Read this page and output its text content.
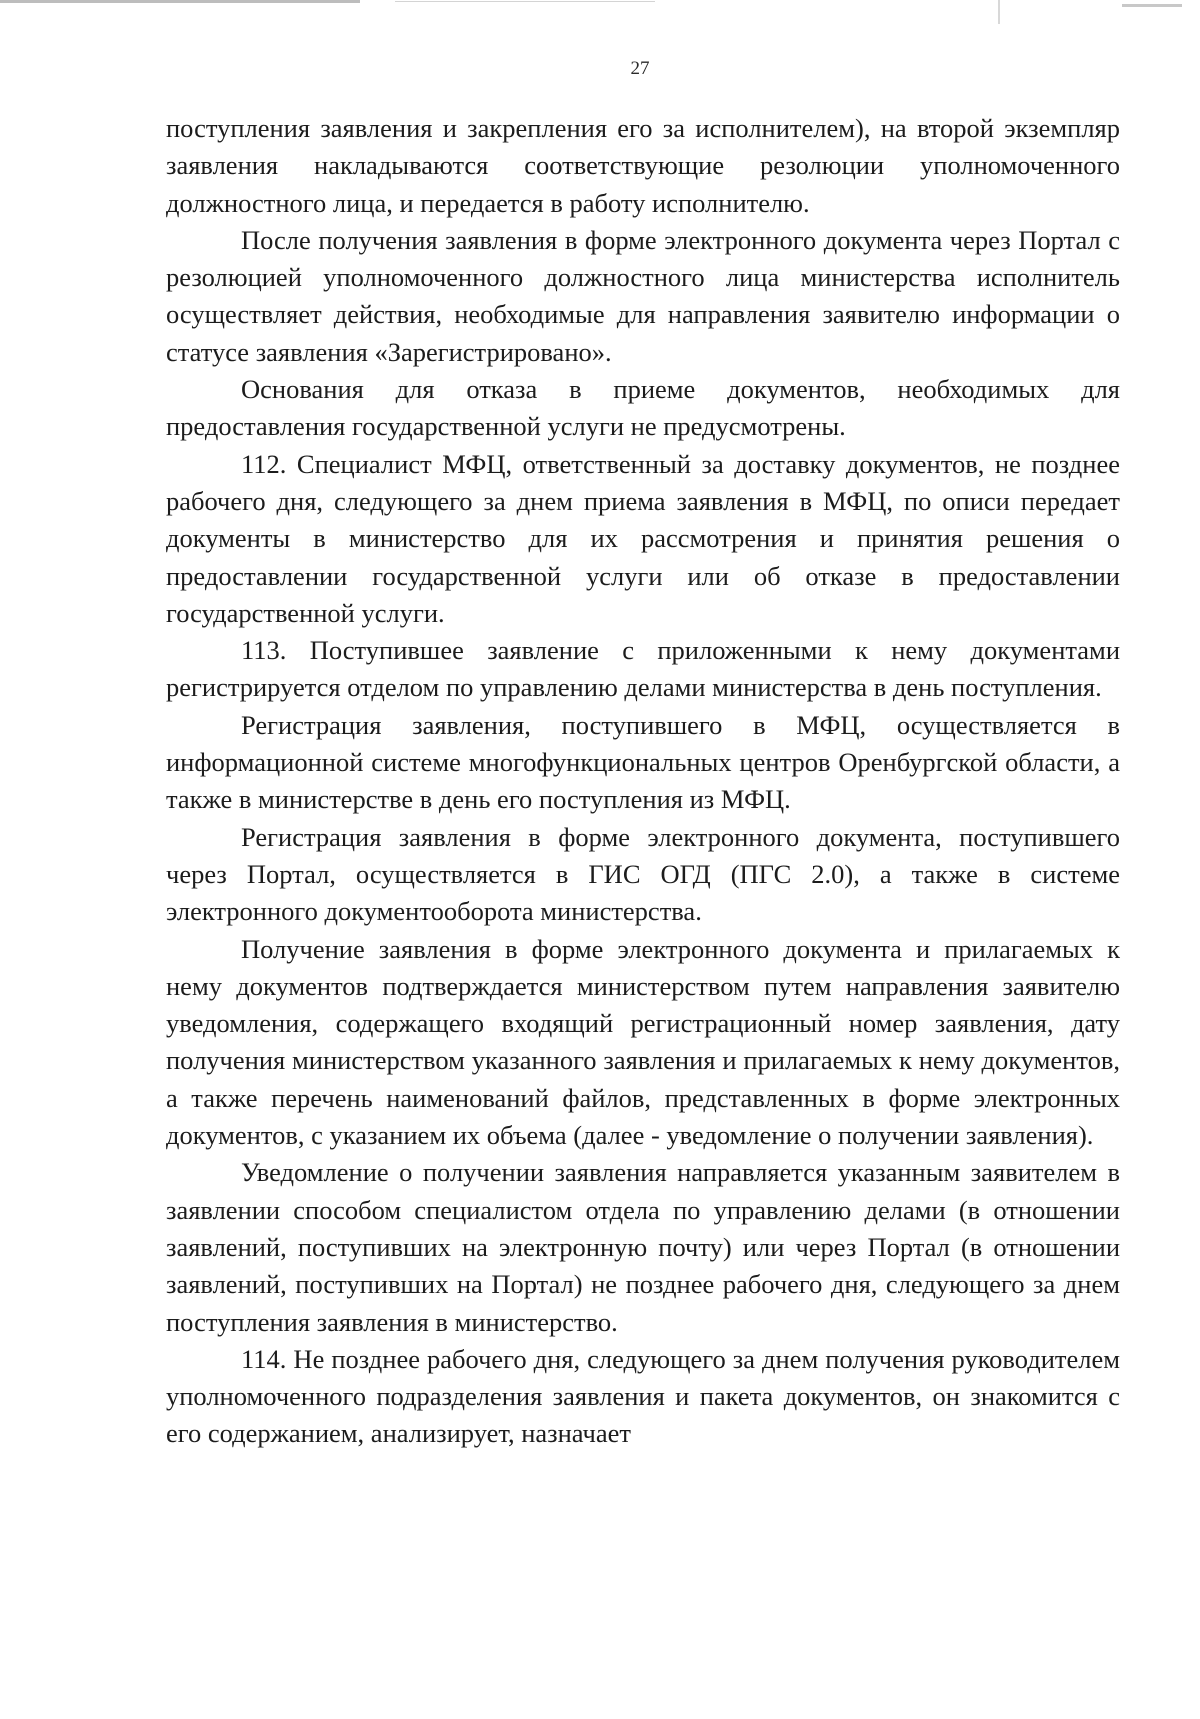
27

поступления заявления и закрепления его за исполнителем), на второй экземпляр заявления накладываются соответствующие резолюции уполномоченного должностного лица, и передается в работу исполнителю.

После получения заявления в форме электронного документа через Портал с резолюцией уполномоченного должностного лица министерства исполнитель осуществляет действия, необходимые для направления заявителю информации о статусе заявления «Зарегистрировано».

Основания для отказа в приеме документов, необходимых для предоставления государственной услуги не предусмотрены.

112. Специалист МФЦ, ответственный за доставку документов, не позднее рабочего дня, следующего за днем приема заявления в МФЦ, по описи передает документы в министерство для их рассмотрения и принятия решения о предоставлении государственной услуги или об отказе в предоставлении государственной услуги.

113. Поступившее заявление с приложенными к нему документами регистрируется отделом по управлению делами министерства в день поступления.

Регистрация заявления, поступившего в МФЦ, осуществляется в информационной системе многофункциональных центров Оренбургской области, а также в министерстве в день его поступления из МФЦ.

Регистрация заявления в форме электронного документа, поступившего через Портал, осуществляется в ГИС ОГД (ПГС 2.0), а также в системе электронного документооборота министерства.

Получение заявления в форме электронного документа и прилагаемых к нему документов подтверждается министерством путем направления заявителю уведомления, содержащего входящий регистрационный номер заявления, дату получения министерством указанного заявления и прилагаемых к нему документов, а также перечень наименований файлов, представленных в форме электронных документов, с указанием их объема (далее - уведомление о получении заявления).

Уведомление о получении заявления направляется указанным заявителем в заявлении способом специалистом отдела по управлению делами (в отношении заявлений, поступивших на электронную почту) или через Портал (в отношении заявлений, поступивших на Портал) не позднее рабочего дня, следующего за днем поступления заявления в министерство.

114. Не позднее рабочего дня, следующего за днем получения руководителем уполномоченного подразделения заявления и пакета документов, он знакомится с его содержанием, анализирует, назначает
